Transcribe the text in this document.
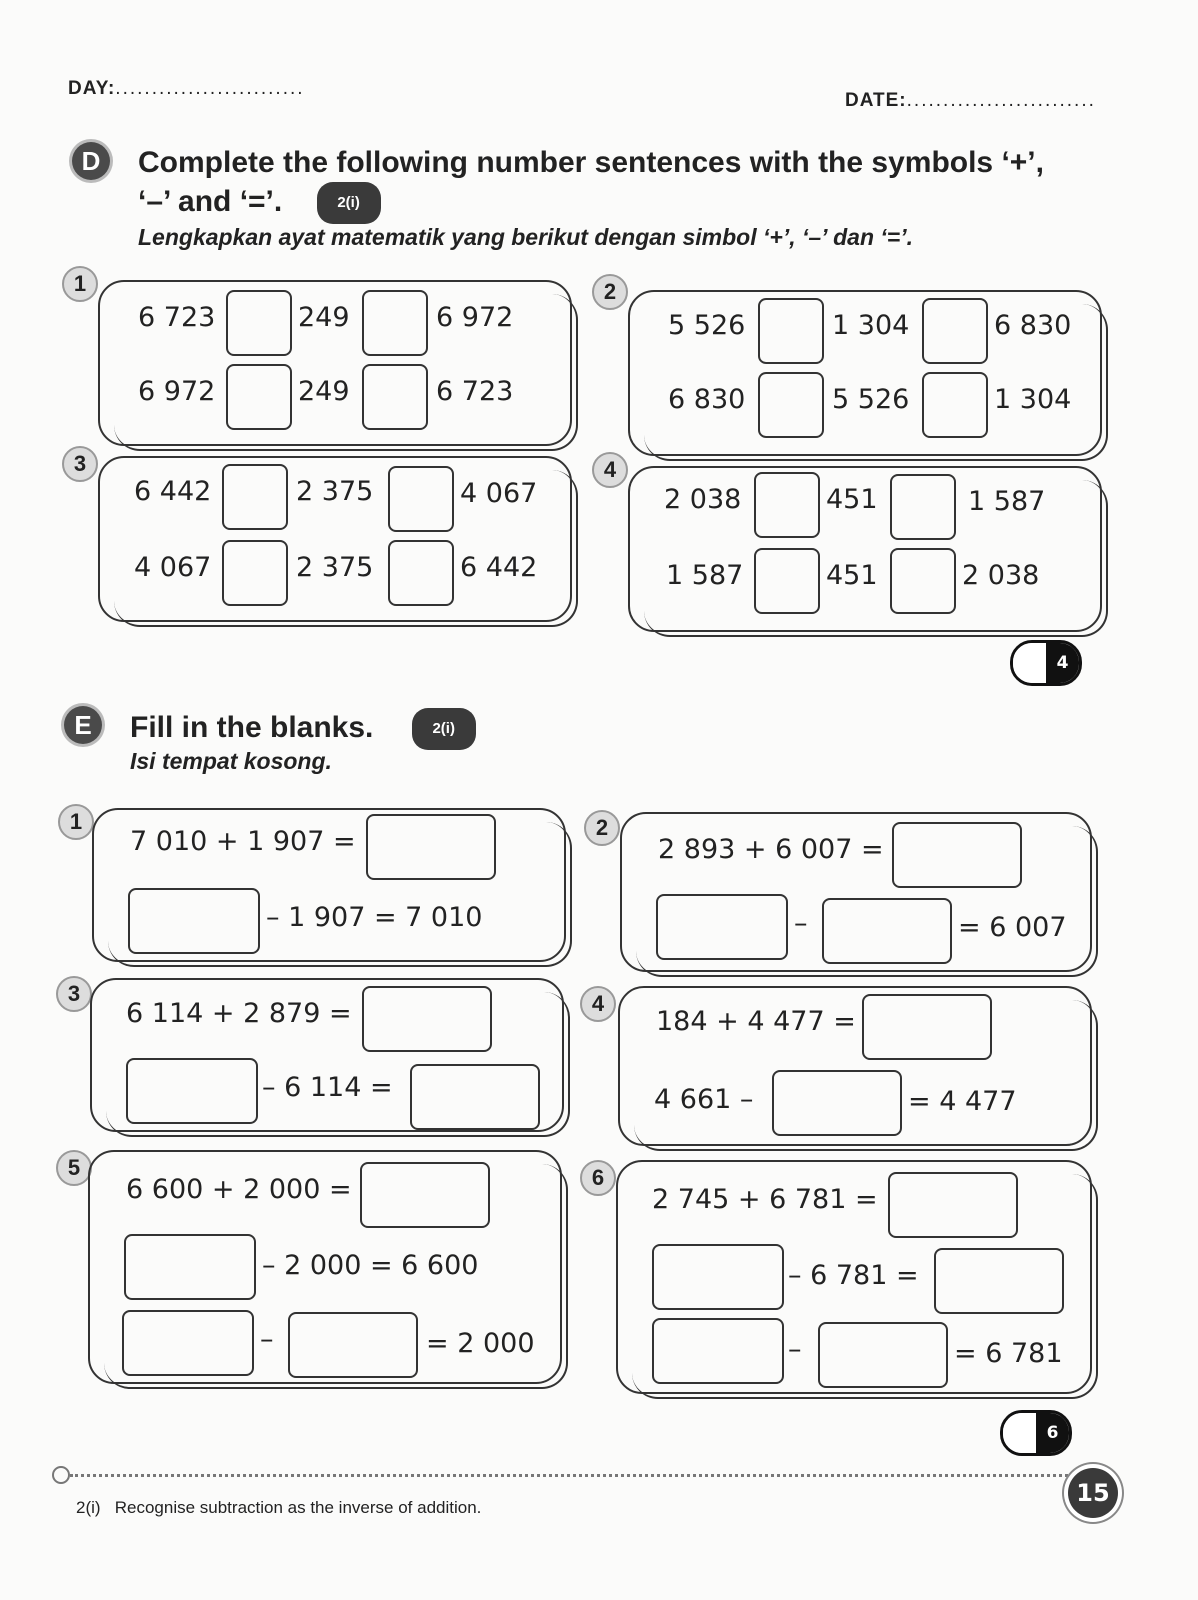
DAY:..........................
DATE:..........................
D	Complete the following number sentences with the symbols ‘+’,
‘–’ and ‘=’.	2(i)
Lengkapkan ayat matematik yang berikut dengan simbol ‘+’, ‘–’ dan ‘=’.
1
6 723	249	6 972
6 972	249	6 723
2
5 526	1 304	6 830
6 830	5 526	1 304
3
6 442	2 375	4 067
4 067	2 375	6 442
4
2 038	451	1 587
1 587	451	2 038
4
E	Fill in the blanks.	2(i)
Isi tempat kosong.
1
7 010 + 1 907 =
– 1 907 = 7 010
2
2 893 + 6 007 =
–	= 6 007
3
6 114 + 2 879 =
– 6 114 =
4
184 + 4 477 =
4 661 –	= 4 477
5
6 600 + 2 000 =
– 2 000 = 6 600
–	= 2 000
6
2 745 + 6 781 =
– 6 781 =
–	= 6 781
6
15
2(i)   Recognise subtraction as the inverse of addition.
